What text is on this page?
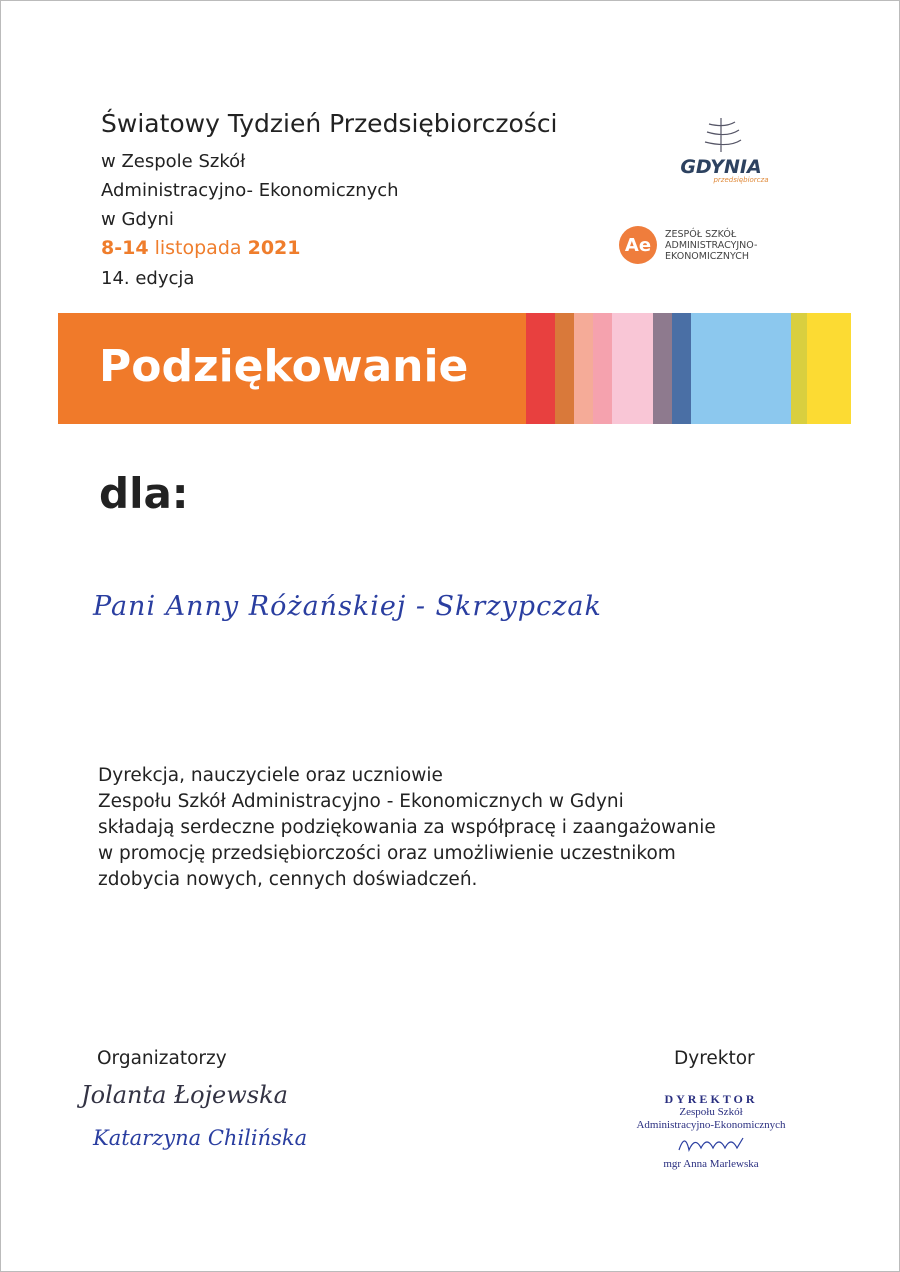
Światowy Tydzień Przedsiębiorczości
w Zespole Szkół
Administracyjno- Ekonomicznych
w Gdyni
8-14 listopada 2021
14. edycja
GDYNIA
przedsiębiorcza
Ae
ZESPÓŁ SZKÓŁ
ADMINISTRACYJNO-
EKONOMICZNYCH
Podziękowanie
dla:
Pani Anny Różańskiej - Skrzypczak
Dyrekcja, nauczyciele oraz uczniowie
Zespołu Szkół Administracyjno - Ekonomicznych w Gdyni
składają serdeczne podziękowania za współpracę i zaangażowanie
w promocję przedsiębiorczości oraz umożliwienie uczestnikom
zdobycia nowych, cennych doświadczeń.
Organizatorzy
Jolanta Łojewska
Katarzyna Chilińska
Dyrektor
DYREKTOR
Zespołu Szkół
Administracyjno-Ekonomicznych
mgr Anna Marlewska
